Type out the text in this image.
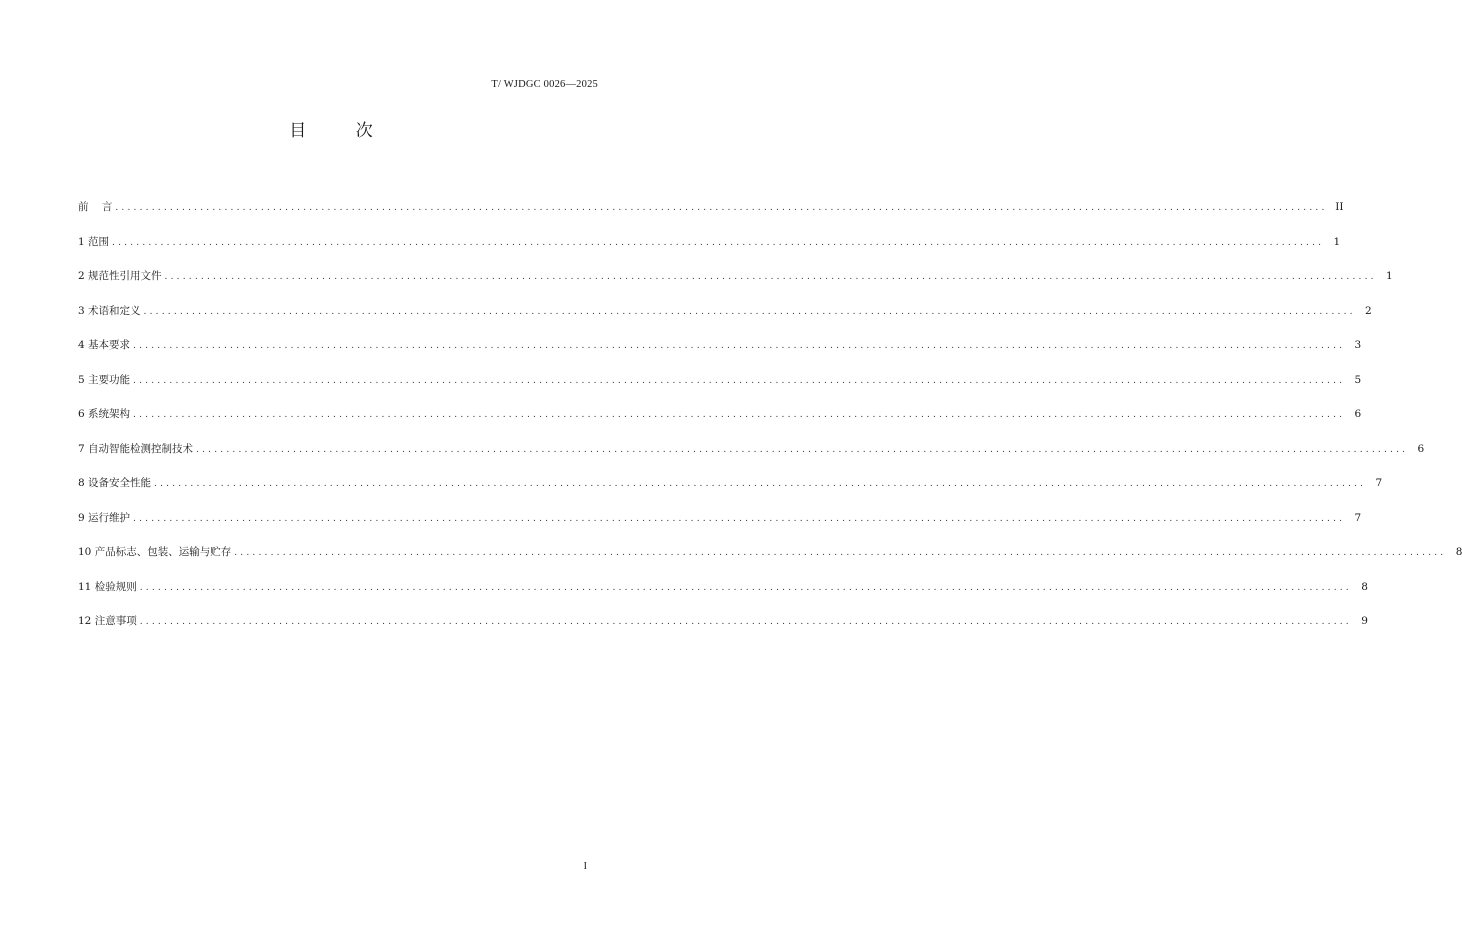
T/ WJDGC 0026—2025
目 次
前    言 ........................................................................................................................................................................................................ II
1 范围 ........................................................................................................................................................................................................ 1
2 规范性引用文件 ........................................................................................................................................................................................................ 1
3 术语和定义 ........................................................................................................................................................................................................ 2
4 基本要求 ........................................................................................................................................................................................................ 3
5 主要功能 ........................................................................................................................................................................................................ 5
6 系统架构 ........................................................................................................................................................................................................ 6
7 自动智能检测控制技术 ........................................................................................................................................................................................................ 6
8 设备安全性能 ........................................................................................................................................................................................................ 7
9 运行维护 ........................................................................................................................................................................................................ 7
10 产品标志、包装、运输与贮存 ........................................................................................................................................................................................................ 8
11 检验规则 ........................................................................................................................................................................................................ 8
12 注意事项 ........................................................................................................................................................................................................ 9
I
